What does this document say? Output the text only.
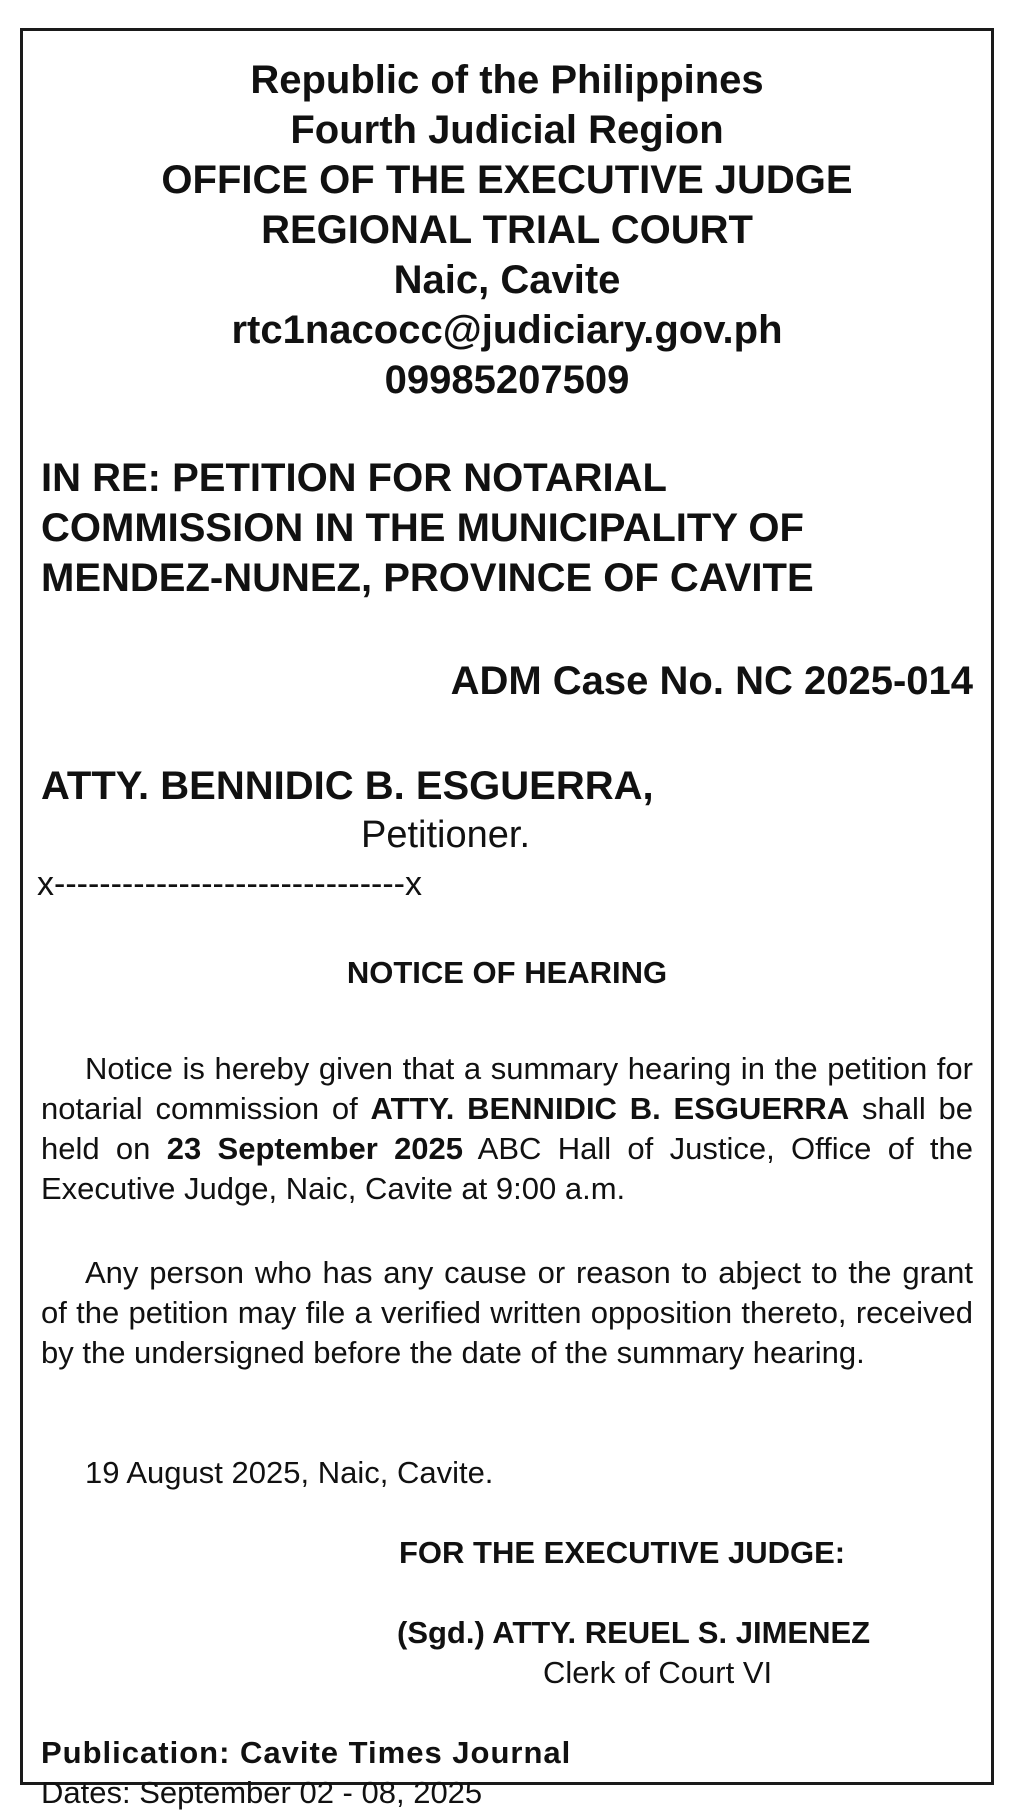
Republic of the Philippines
Fourth Judicial Region
OFFICE OF THE EXECUTIVE JUDGE
REGIONAL TRIAL COURT
Naic, Cavite
rtc1nacocc@judiciary.gov.ph
09985207509
IN RE: PETITION FOR NOTARIAL
COMMISSION IN THE MUNICIPALITY OF
MENDEZ-NUNEZ, PROVINCE OF CAVITE
ADM Case No. NC 2025-014
ATTY. BENNIDIC B. ESGUERRA,
Petitioner.
x-------------------------------x
NOTICE OF HEARING
Notice is hereby given that a summary hearing in the petition for notarial commission of ATTY. BENNIDIC B. ESGUERRA shall be held on 23 September 2025 ABC Hall of Justice, Office of the Executive Judge, Naic, Cavite at 9:00 a.m.
Any person who has any cause or reason to abject to the grant of the petition may file a verified written opposition thereto, received by the undersigned before the date of the summary hearing.
19 August 2025, Naic, Cavite.
FOR THE EXECUTIVE JUDGE:
(Sgd.) ATTY. REUEL S. JIMENEZ
Clerk of Court VI
Publication: Cavite Times Journal
Dates: September 02 - 08, 2025
